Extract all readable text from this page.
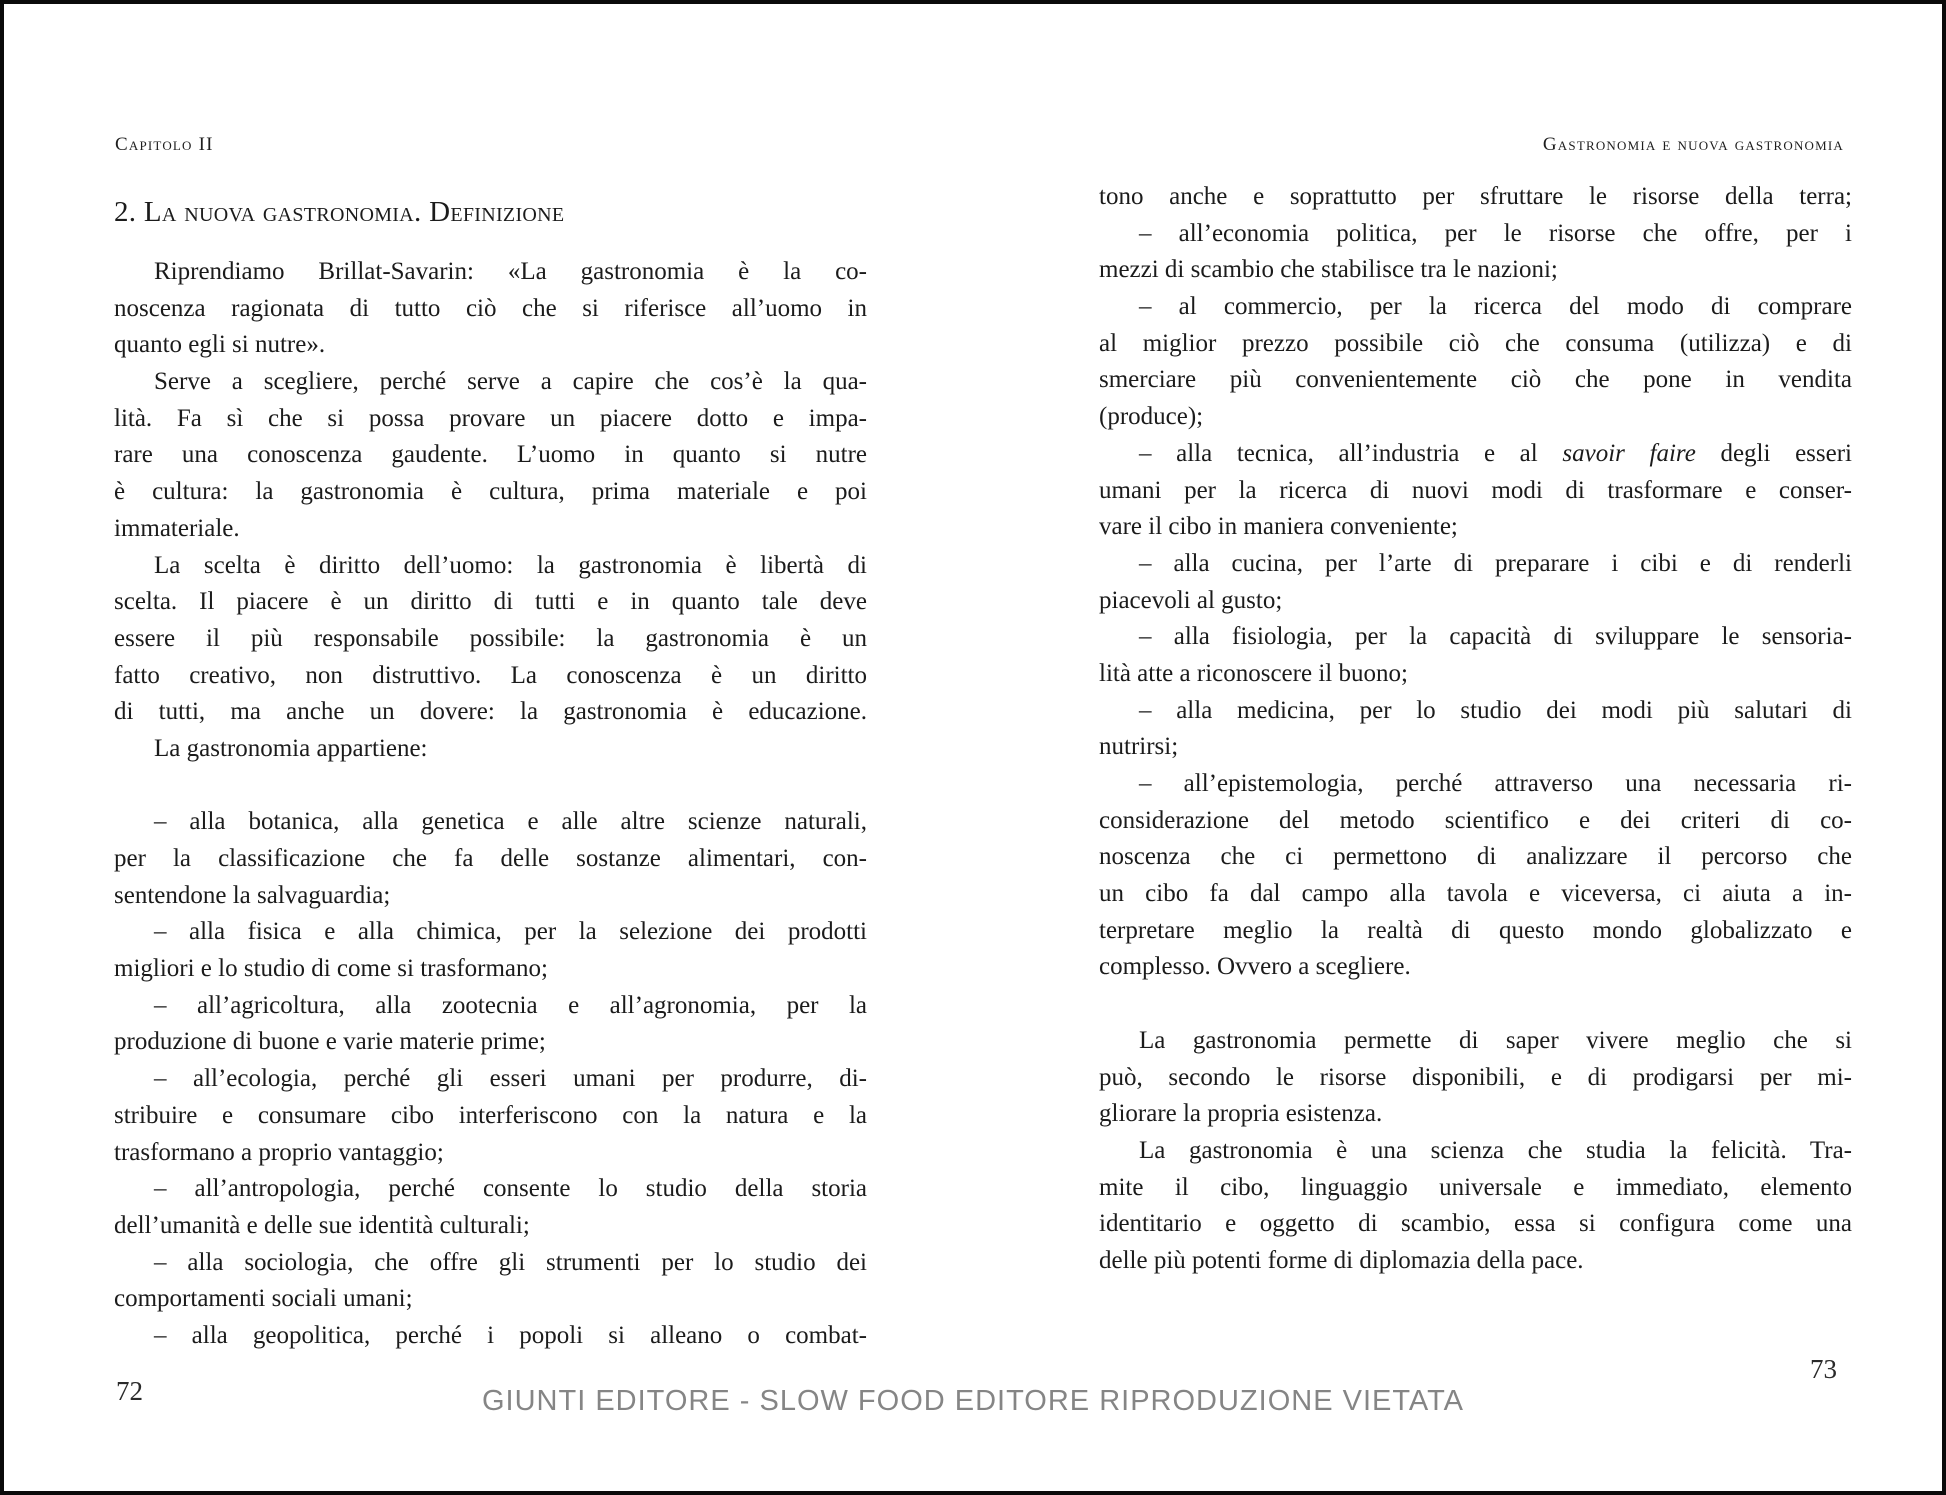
Capitolo II	Gastronomia e nuova gastronomia
2. La nuova gastronomia. Definizione
Riprendiamo Brillat-Savarin: «La gastronomia è la co-
noscenza ragionata di tutto ciò che si riferisce all’uomo in
quanto egli si nutre».
Serve a scegliere, perché serve a capire che cos’è la qua-
lità. Fa sì che si possa provare un piacere dotto e impa-
rare una conoscenza gaudente. L’uomo in quanto si nutre
è cultura: la gastronomia è cultura, prima materiale e poi
immateriale.
La scelta è diritto dell’uomo: la gastronomia è libertà di
scelta. Il piacere è un diritto di tutti e in quanto tale deve
essere il più responsabile possibile: la gastronomia è un
fatto creativo, non distruttivo. La conoscenza è un diritto
di tutti, ma anche un dovere: la gastronomia è educazione.
La gastronomia appartiene:
– alla botanica, alla genetica e alle altre scienze naturali,
per la classificazione che fa delle sostanze alimentari, con-
sentendone la salvaguardia;
– alla fisica e alla chimica, per la selezione dei prodotti
migliori e lo studio di come si trasformano;
– all’agricoltura, alla zootecnia e all’agronomia, per la
produzione di buone e varie materie prime;
– all’ecologia, perché gli esseri umani per produrre, di-
stribuire e consumare cibo interferiscono con la natura e la
trasformano a proprio vantaggio;
– all’antropologia, perché consente lo studio della storia
dell’umanità e delle sue identità culturali;
– alla sociologia, che offre gli strumenti per lo studio dei
comportamenti sociali umani;
– alla geopolitica, perché i popoli si alleano o combat-
tono anche e soprattutto per sfruttare le risorse della terra;
– all’economia politica, per le risorse che offre, per i
mezzi di scambio che stabilisce tra le nazioni;
– al commercio, per la ricerca del modo di comprare
al miglior prezzo possibile ciò che consuma (utilizza) e di
smerciare più convenientemente ciò che pone in vendita
(produce);
– alla tecnica, all’industria e al savoir faire degli esseri
umani per la ricerca di nuovi modi di trasformare e conser-
vare il cibo in maniera conveniente;
– alla cucina, per l’arte di preparare i cibi e di renderli
piacevoli al gusto;
– alla fisiologia, per la capacità di sviluppare le sensoria-
lità atte a riconoscere il buono;
– alla medicina, per lo studio dei modi più salutari di
nutrirsi;
– all’epistemologia, perché attraverso una necessaria ri-
considerazione del metodo scientifico e dei criteri di co-
noscenza che ci permettono di analizzare il percorso che
un cibo fa dal campo alla tavola e viceversa, ci aiuta a in-
terpretare meglio la realtà di questo mondo globalizzato e
complesso. Ovvero a scegliere.
La gastronomia permette di saper vivere meglio che si
può, secondo le risorse disponibili, e di prodigarsi per mi-
gliorare la propria esistenza.
La gastronomia è una scienza che studia la felicità. Tra-
mite il cibo, linguaggio universale e immediato, elemento
identitario e oggetto di scambio, essa si configura come una
delle più potenti forme di diplomazia della pace.
72	GIUNTI EDITORE - SLOW FOOD EDITORE RIPRODUZIONE VIETATA
73
